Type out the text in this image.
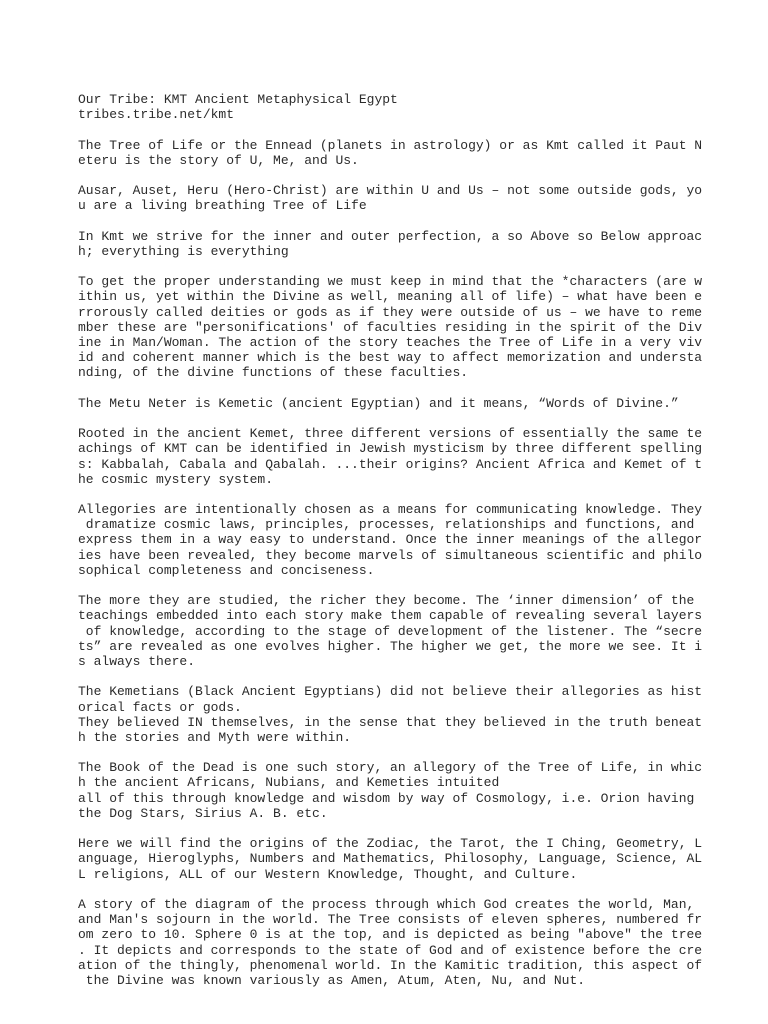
Our Tribe: KMT Ancient Metaphysical Egypt
tribes.tribe.net/kmt
The Tree of Life or the Ennead (planets in astrology) or as Kmt called it Paut N
eteru is the story of U, Me, and Us.
Ausar, Auset, Heru (Hero-Christ) are within U and Us – not some outside gods, yo
u are a living breathing Tree of Life
In Kmt we strive for the inner and outer perfection, a so Above so Below approac
h; everything is everything
To get the proper understanding we must keep in mind that the *characters (are w
ithin us, yet within the Divine as well, meaning all of life) – what have been e
rrorously called deities or gods as if they were outside of us – we have to reme
mber these are "personifications' of faculties residing in the spirit of the Div
ine in Man/Woman. The action of the story teaches the Tree of Life in a very viv
id and coherent manner which is the best way to affect memorization and understa
nding, of the divine functions of these faculties.
The Metu Neter is Kemetic (ancient Egyptian) and it means, “Words of Divine.”
Rooted in the ancient Kemet, three different versions of essentially the same te
achings of KMT can be identified in Jewish mysticism by three different spelling
s: Kabbalah, Cabala and Qabalah. ...their origins? Ancient Africa and Kemet of t
he cosmic mystery system.
Allegories are intentionally chosen as a means for communicating knowledge. They
dramatize cosmic laws, principles, processes, relationships and functions, and
express them in a way easy to understand. Once the inner meanings of the allegor
ies have been revealed, they become marvels of simultaneous scientific and philo
sophical completeness and conciseness.
The more they are studied, the richer they become. The ‘inner dimension’ of the
teachings embedded into each story make them capable of revealing several layers
of knowledge, according to the stage of development of the listener. The “secre
ts” are revealed as one evolves higher. The higher we get, the more we see. It i
s always there.
The Kemetians (Black Ancient Egyptians) did not believe their allegories as hist
orical facts or gods.
They believed IN themselves, in the sense that they believed in the truth beneat
h the stories and Myth were within.
The Book of the Dead is one such story, an allegory of the Tree of Life, in whic
h the ancient Africans, Nubians, and Kemeties intuited
all of this through knowledge and wisdom by way of Cosmology, i.e. Orion having
the Dog Stars, Sirius A. B. etc.
Here we will find the origins of the Zodiac, the Tarot, the I Ching, Geometry, L
anguage, Hieroglyphs, Numbers and Mathematics, Philosophy, Language, Science, AL
L religions, ALL of our Western Knowledge, Thought, and Culture.
A story of the diagram of the process through which God creates the world, Man,
and Man's sojourn in the world. The Tree consists of eleven spheres, numbered fr
om zero to 10. Sphere 0 is at the top, and is depicted as being "above" the tree
. It depicts and corresponds to the state of God and of existence before the cre
ation of the thingly, phenomenal world. In the Kamitic tradition, this aspect of
the Divine was known variously as Amen, Atum, Aten, Nu, and Nut.
